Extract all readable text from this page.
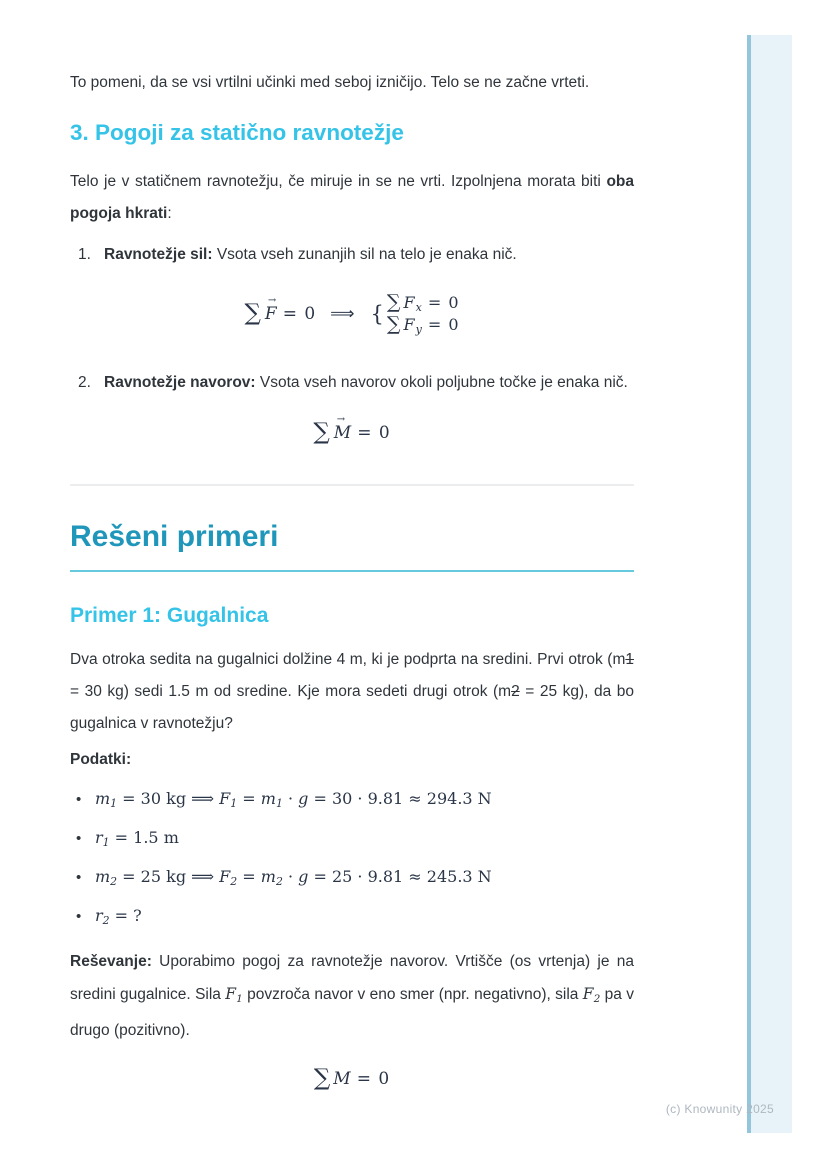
To pomeni, da se vsi vrtilni učinki med seboj izničijo. Telo se ne začne vrteti.

3. Pogoji za statično ravnotežje

Telo je v statičnem ravnotežju, če miruje in se ne vrti. Izpolnjena morata biti oba pogoja hkrati:

1. Ravnotežje sil: Vsota vseh zunanjih sil na telo je enaka nič.
∑ →
F = 0 ⟹ { ∑ F x = 0
∑ F y = 0
2. Ravnotežje navorov: Vsota vseh navorov okoli poljubne točke je enaka nič.
∑ →
M = 0
Rešeni primeri
Primer 1: Gugalnica

Dva otroka sedita na gugalnici dolžine 4 m, ki je podprta na sredini. Prvi otrok (m1 = 30 kg) sedi 1.5 m od sredine. Kje mora sedeti drugi otrok (m2 = 25 kg), da bo gugalnica v ravnotežju?

Podatki:

• m1 = 30 kg ⟹ F1 = m1 · g = 30 · 9.81 ≈ 294.3 N
• r1 = 1.5 m
• m2 = 25 kg ⟹ F2 = m2 · g = 25 · 9.81 ≈ 245.3 N
• r2 = ?

Reševanje: Uporabimo pogoj za ravnotežje navorov. Vrtišče (os vrtenja) je na sredini gugalnice. Sila F1 povzroča navor v eno smer (npr. negativno), sila F2 pa v drugo (pozitivno).

∑ M = 0
(c) Knowunity 2025
